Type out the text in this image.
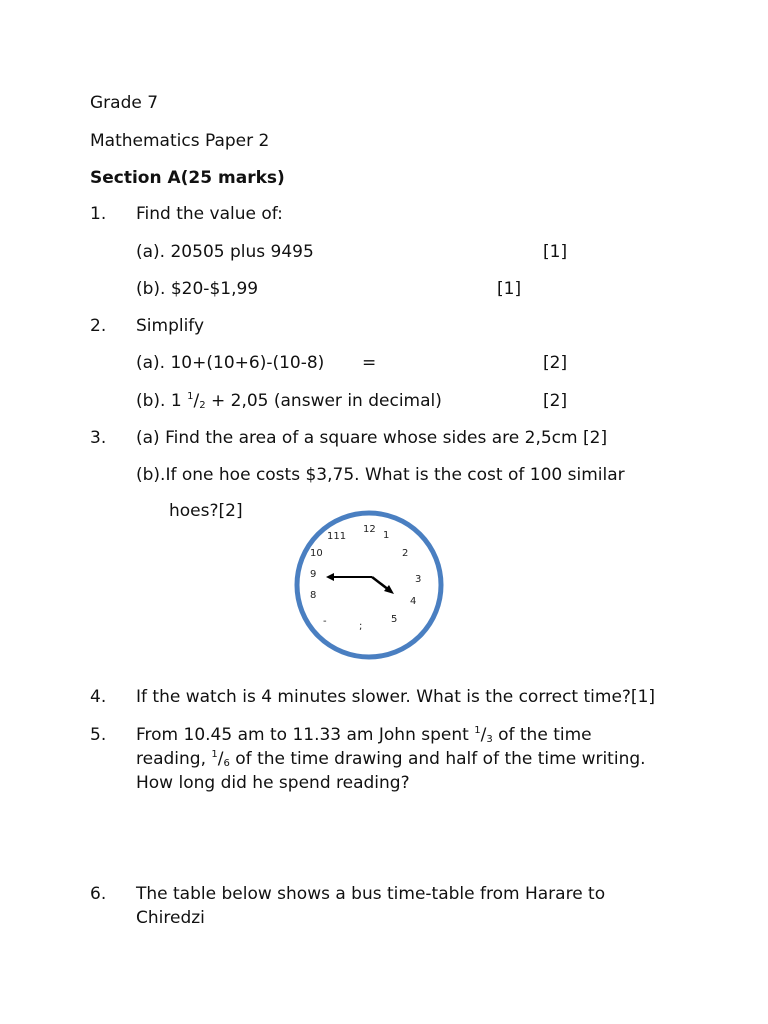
Grade 7
Mathematics Paper 2
Section A(25 marks)
1. Find the value of:
(a). 20505 plus 9495	[1]
(b). $20-$1,99	[1]
2. Simplify
(a). 10+(10+6)-(10-8) =	[2]
(b). 1 $^1/_2 + 2,05$ (answer in decimal)	[2]
3. (a) Find the area of a square whose sides are 2,5cm [2]
(b).If one hoe costs $3,75. What is the cost of 100 similar
hoes?[2]
111
12
1
10	2
9	3
8
4
5
-	;
4. If the watch is 4 minutes slower. What is the correct time?[1]
5. From 10.45 am to 11.33 am John spent $^1/_3$ of the time
reading, $^1/_6$ of the time drawing and half of the time writing.
How long did he spend reading?
6. The table below shows a bus time-table from Harare to
Chiredzi
